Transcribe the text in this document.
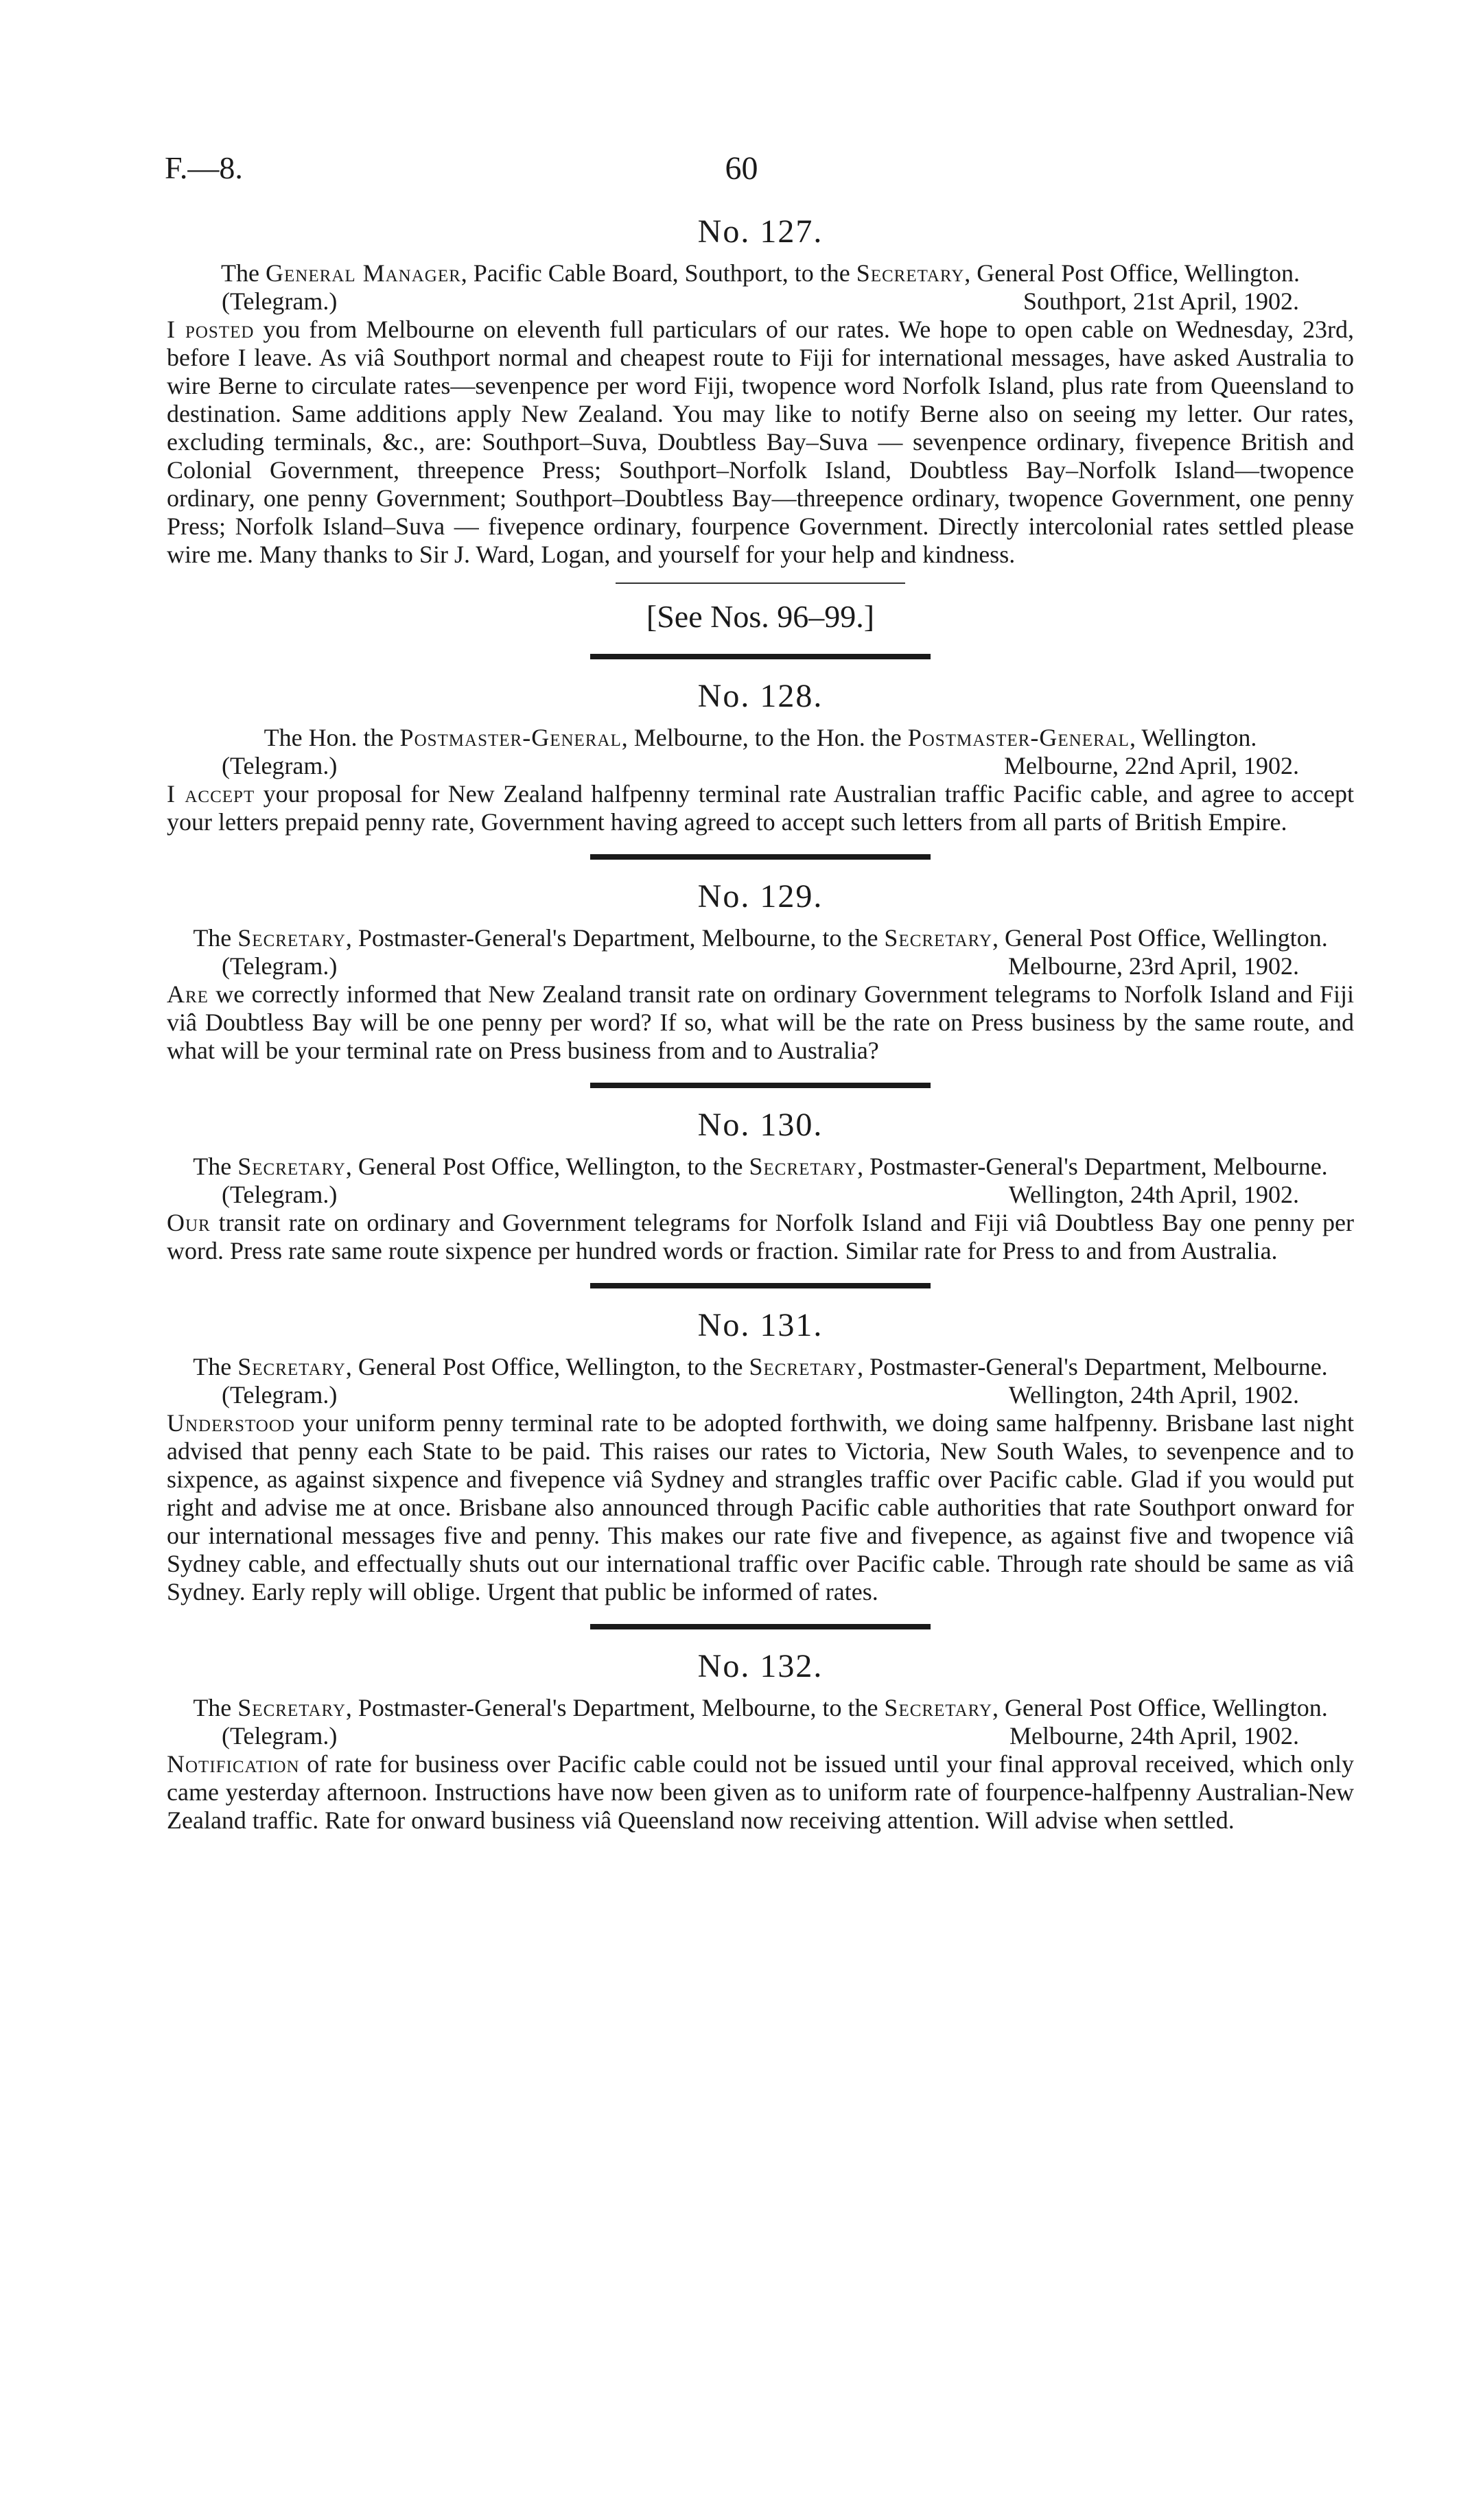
F.—8.	60
No. 127.
The General Manager, Pacific Cable Board, Southport, to the Secretary, General Post Office, Wellington.
(Telegram.)	Southport, 21st April, 1902.
I posted you from Melbourne on eleventh full particulars of our rates. We hope to open cable on Wednesday, 23rd, before I leave. As viâ Southport normal and cheapest route to Fiji for international messages, have asked Australia to wire Berne to circulate rates—sevenpence per word Fiji, twopence word Norfolk Island, plus rate from Queensland to destination. Same additions apply New Zealand. You may like to notify Berne also on seeing my letter. Our rates, excluding terminals, &c., are: Southport–Suva, Doubtless Bay–Suva — sevenpence ordinary, fivepence British and Colonial Government, threepence Press; Southport–Norfolk Island, Doubtless Bay–Norfolk Island—twopence ordinary, one penny Government; Southport–Doubtless Bay—threepence ordinary, twopence Government, one penny Press; Norfolk Island–Suva — fivepence ordinary, fourpence Government. Directly intercolonial rates settled please wire me. Many thanks to Sir J. Ward, Logan, and yourself for your help and kindness.
[See Nos. 96–99.]
No. 128.
The Hon. the Postmaster-General, Melbourne, to the Hon. the Postmaster-General, Wellington.
(Telegram.)	Melbourne, 22nd April, 1902.
I accept your proposal for New Zealand halfpenny terminal rate Australian traffic Pacific cable, and agree to accept your letters prepaid penny rate, Government having agreed to accept such letters from all parts of British Empire.
No. 129.
The Secretary, Postmaster-General's Department, Melbourne, to the Secretary, General Post Office, Wellington.
(Telegram.)	Melbourne, 23rd April, 1902.
Are we correctly informed that New Zealand transit rate on ordinary Government telegrams to Norfolk Island and Fiji viâ Doubtless Bay will be one penny per word? If so, what will be the rate on Press business by the same route, and what will be your terminal rate on Press business from and to Australia?
No. 130.
The Secretary, General Post Office, Wellington, to the Secretary, Postmaster-General's Department, Melbourne.
(Telegram.)	Wellington, 24th April, 1902.
Our transit rate on ordinary and Government telegrams for Norfolk Island and Fiji viâ Doubtless Bay one penny per word. Press rate same route sixpence per hundred words or fraction. Similar rate for Press to and from Australia.
No. 131.
The Secretary, General Post Office, Wellington, to the Secretary, Postmaster-General's Department, Melbourne.
(Telegram.)	Wellington, 24th April, 1902.
Understood your uniform penny terminal rate to be adopted forthwith, we doing same halfpenny. Brisbane last night advised that penny each State to be paid. This raises our rates to Victoria, New South Wales, to sevenpence and to sixpence, as against sixpence and fivepence viâ Sydney and strangles traffic over Pacific cable. Glad if you would put right and advise me at once. Brisbane also announced through Pacific cable authorities that rate Southport onward for our international messages five and penny. This makes our rate five and fivepence, as against five and twopence viâ Sydney cable, and effectually shuts out our international traffic over Pacific cable. Through rate should be same as viâ Sydney. Early reply will oblige. Urgent that public be informed of rates.
No. 132.
The Secretary, Postmaster-General's Department, Melbourne, to the Secretary, General Post Office, Wellington.
(Telegram.)	Melbourne, 24th April, 1902.
Notification of rate for business over Pacific cable could not be issued until your final approval received, which only came yesterday afternoon. Instructions have now been given as to uniform rate of fourpence-halfpenny Australian-New Zealand traffic. Rate for onward business viâ Queensland now receiving attention. Will advise when settled.
